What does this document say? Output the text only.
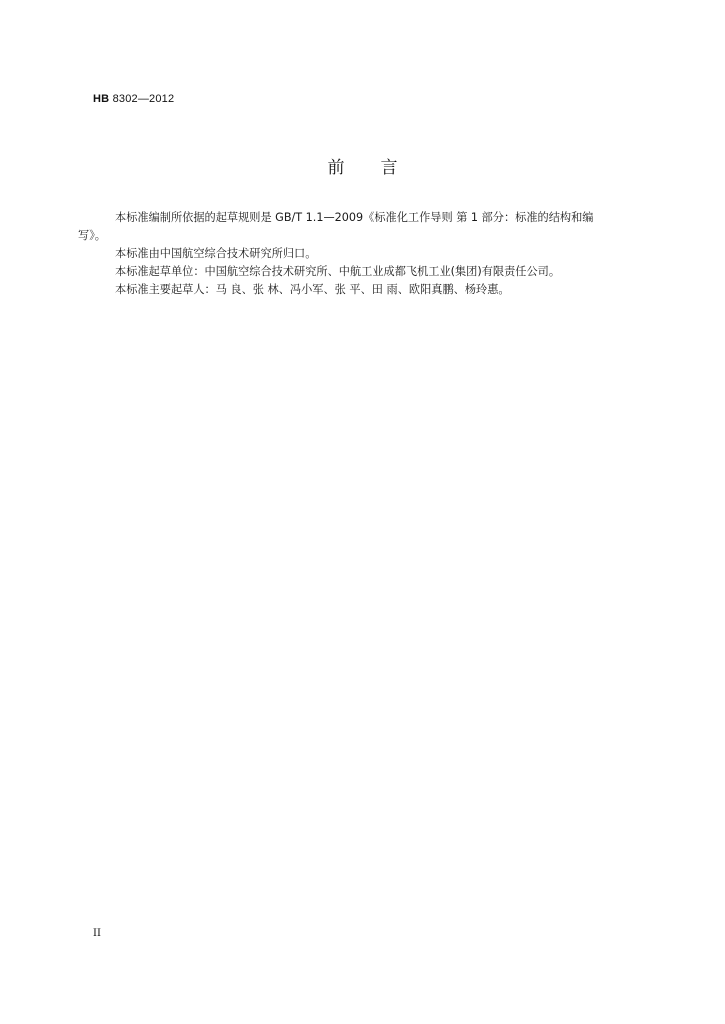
HB 8302—2012
前 言

本标准编制所依据的起草规则是 GB/T 1.1—2009《标准化工作导则 第 1 部分：标准的结构和编

写》。

本标准由中国航空综合技术研究所归口。

本标准起草单位：中国航空综合技术研究所、中航工业成都飞机工业(集团)有限责任公司。

本标准主要起草人：马 良、张 林、冯小军、张 平、田 雨、欧阳真鹏、杨玲惠。

II
